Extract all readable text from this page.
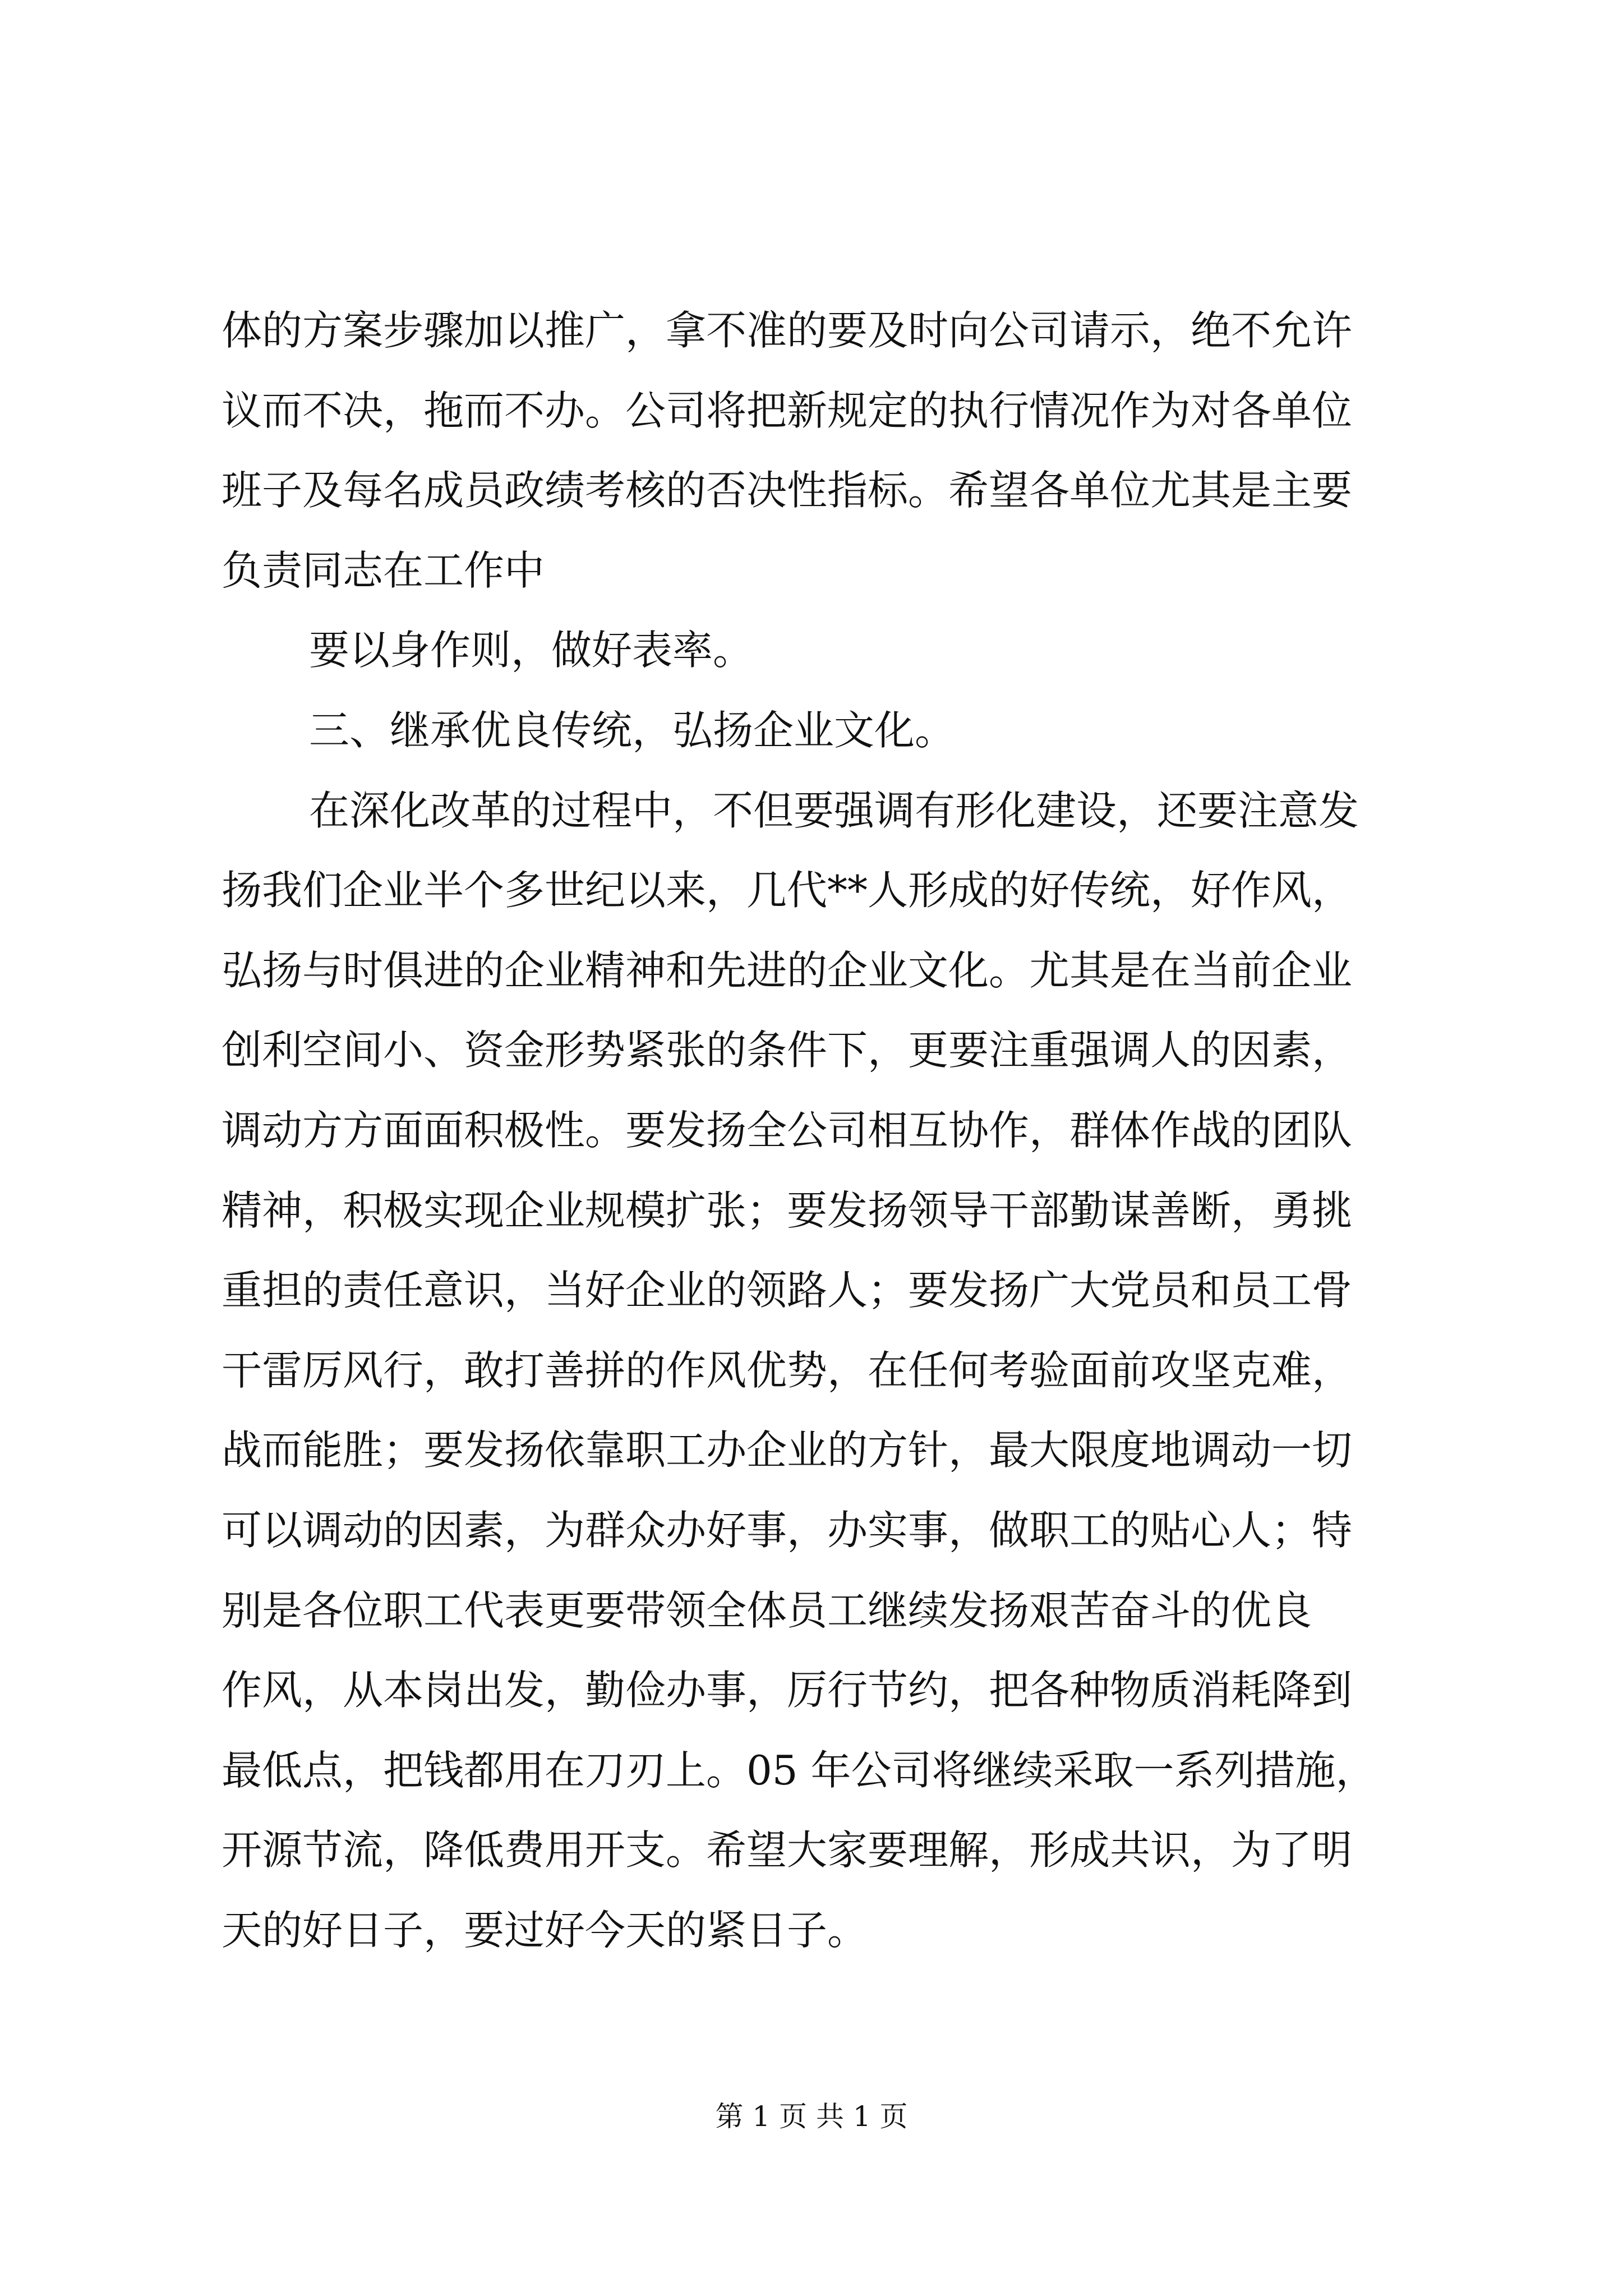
体的方案步骤加以推广，拿不准的要及时向公司请示，绝不允许
议而不决，拖而不办。公司将把新规定的执行情况作为对各单位
班子及每名成员政绩考核的否决性指标。希望各单位尤其是主要
负责同志在工作中
要以身作则，做好表率。
三、继承优良传统，弘扬企业文化。
在深化改革的过程中，不但要强调有形化建设，还要注意发
扬我们企业半个多世纪以来，几代**人形成的好传统，好作风，
弘扬与时俱进的企业精神和先进的企业文化。尤其是在当前企业
创利空间小、资金形势紧张的条件下，更要注重强调人的因素，
调动方方面面积极性。要发扬全公司相互协作，群体作战的团队
精神，积极实现企业规模扩张；要发扬领导干部勤谋善断，勇挑
重担的责任意识，当好企业的领路人；要发扬广大党员和员工骨
干雷厉风行，敢打善拼的作风优势，在任何考验面前攻坚克难，
战而能胜；要发扬依靠职工办企业的方针，最大限度地调动一切
可以调动的因素，为群众办好事，办实事，做职工的贴心人；特
别是各位职工代表更要带领全体员工继续发扬艰苦奋斗的优良
作风，从本岗出发，勤俭办事，厉行节约，把各种物质消耗降到
最低点，把钱都用在刀刃上。05 年公司将继续采取一系列措施，
开源节流，降低费用开支。希望大家要理解，形成共识，为了明
天的好日子，要过好今天的紧日子。
第 1 页 共 1 页
